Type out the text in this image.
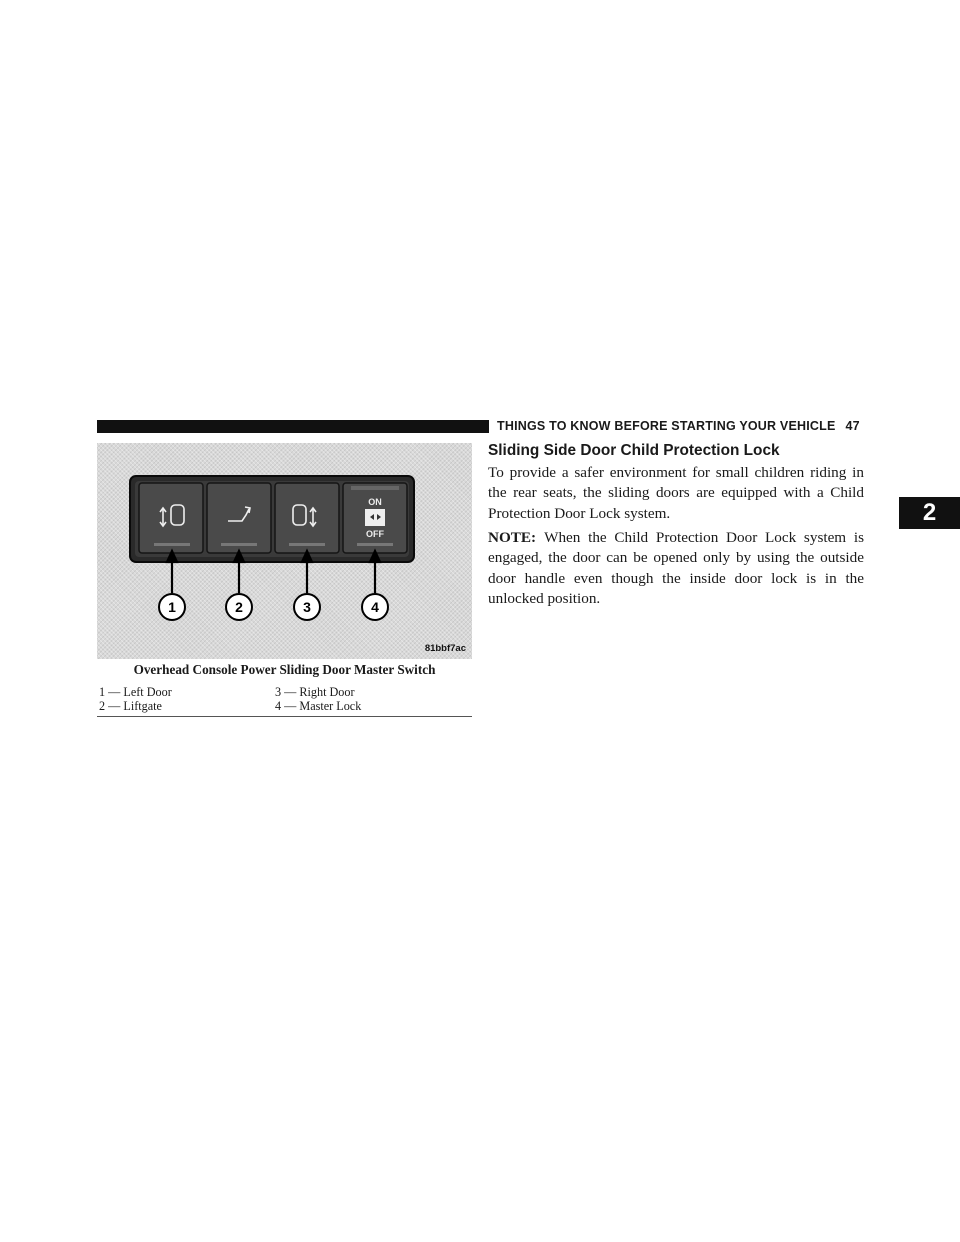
THINGS TO KNOW BEFORE STARTING YOUR VEHICLE 47
2
ON
OFF
1	2	3	4
81bbf7ac
Overhead Console Power Sliding Door Master Switch
1 — Left Door	3 — Right Door
2 — Liftgate	4 — Master Lock
Sliding Side Door Child Protection Lock

To provide a safer environment for small children riding in the rear seats, the sliding doors are equipped with a Child Protection Door Lock system.

NOTE: When the Child Protection Door Lock system is engaged, the door can be opened only by using the outside door handle even though the inside door lock is in the unlocked position.
